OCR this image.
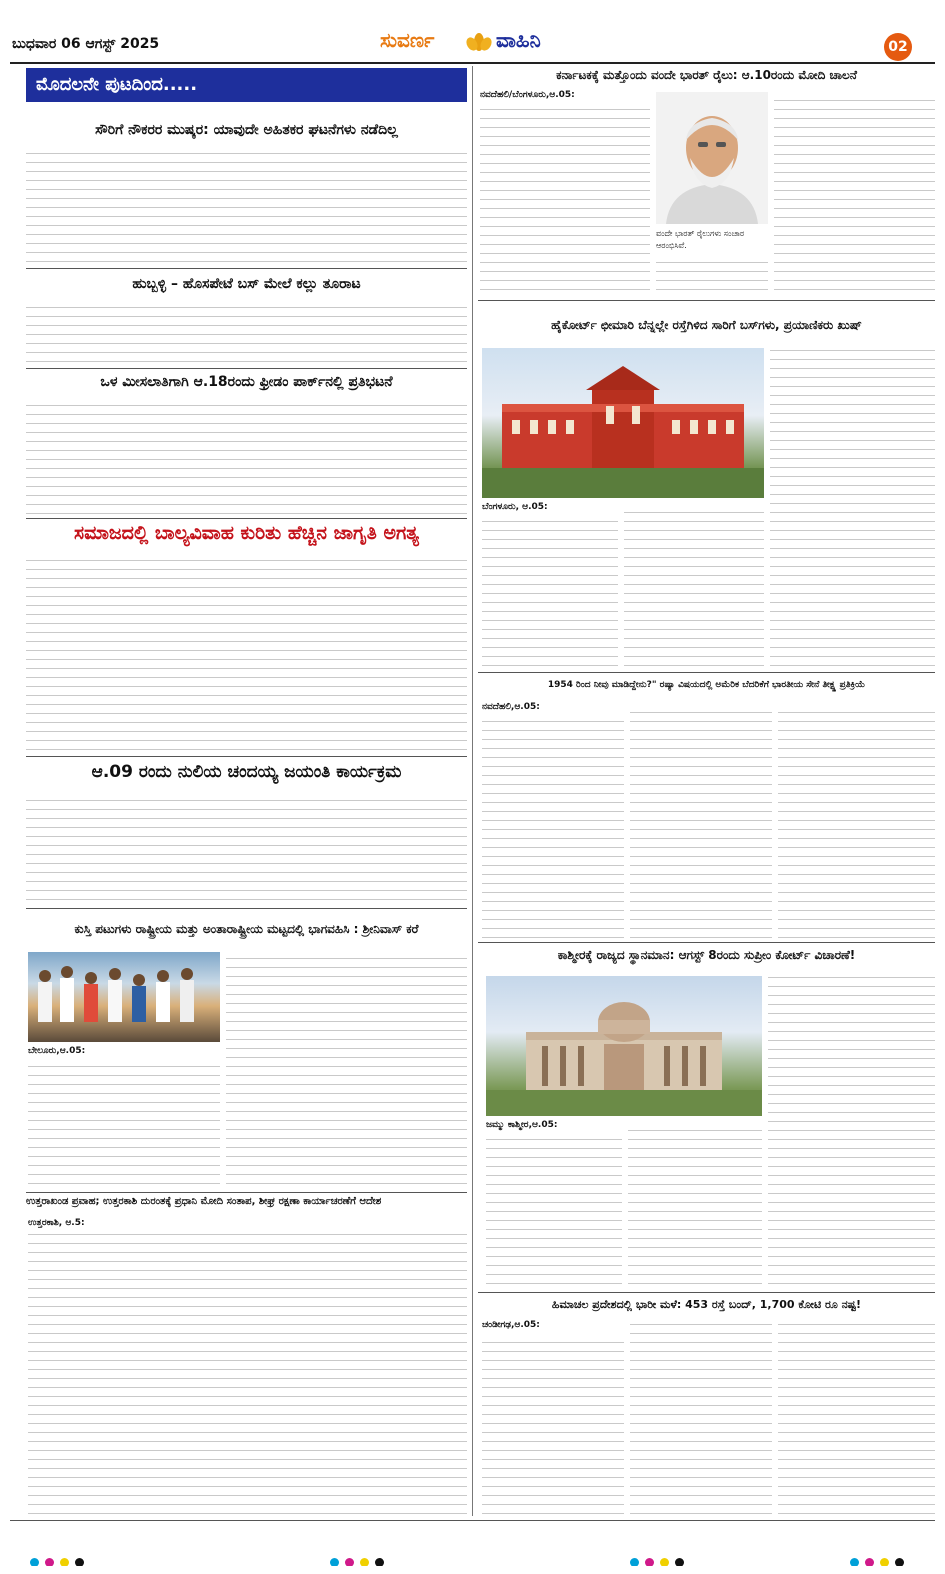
ಬುಧವಾರ 06 ಆಗಸ್ಟ್ 2025	ಸುವರ್ಣ	ವಾಹಿನಿ	02
ಮೊದಲನೇ ಪುಟದಿಂದ.....
ಸೌರಿಗೆ ನೌಕರರ ಮುಷ್ಕರ: ಯಾವುದೇ ಅಹಿತಕರ ಘಟನೆಗಳು ನಡೆದಿಲ್ಲ
ಹುಬ್ಬಳ್ಳಿ – ಹೊಸಪೇಟೆ ಬಸ್ ಮೇಲೆ ಕಲ್ಲು ತೂರಾಟ
ಒಳ ಮೀಸಲಾತಿಗಾಗಿ ಆ.18ರಂದು ಫ್ರೀಡಂ ಪಾರ್ಕ್‌ನಲ್ಲಿ ಪ್ರತಿಭಟನೆ
ಸಮಾಜದಲ್ಲಿ ಬಾಲ್ಯವಿವಾಹ ಕುರಿತು ಹೆಚ್ಚಿನ ಜಾಗೃತಿ ಅಗತ್ಯ
ಆ.09 ರಂದು ನುಲಿಯ ಚಂದಯ್ಯ ಜಯಂತಿ ಕಾರ್ಯಕ್ರಮ
ಕುಸ್ತಿ ಪಟುಗಳು ರಾಷ್ಟ್ರೀಯ ಮತ್ತು ಅಂತಾರಾಷ್ಟ್ರೀಯ ಮಟ್ಟದಲ್ಲಿ ಭಾಗವಹಿಸಿ : ಶ್ರೀನಿವಾಸ್ ಕರೆ
ಬೇಲೂರು,ಆ.05:
ಉತ್ತರಾಖಂಡ ಪ್ರವಾಹ; ಉತ್ತರಕಾಶಿ ದುರಂತಕ್ಕೆ ಪ್ರಧಾನಿ ಮೋದಿ ಸಂತಾಪ, ಶೀಘ್ರ ರಕ್ಷಣಾ ಕಾರ್ಯಾಚರಣೆಗೆ ಆದೇಶ
ಉತ್ತರಕಾಶಿ, ಆ.5:
ಕರ್ನಾಟಕಕ್ಕೆ ಮತ್ತೊಂದು ವಂದೇ ಭಾರತ್ ರೈಲು: ಆ.10ರಂದು ಮೋದಿ ಚಾಲನೆ
ನವದೆಹಲಿ/ಬೆಂಗಳೂರು,ಆ.05:
ವಂದೇ ಭಾರತ್ ರೈಲುಗಳು ಸಂಚಾರ ಆರಂಭಿಸಿವೆ.
ಹೈಕೋರ್ಟ್ ಛೀಮಾರಿ ಬೆನ್ನಲ್ಲೇ ರಸ್ತೆಗಿಳಿದ ಸಾರಿಗೆ ಬಸ್‌ಗಳು, ಪ್ರಯಾಣಿಕರು ಖುಷ್
ಬೆಂಗಳೂರು, ಆ.05:
1954 ರಿಂದ ನೀವು ಮಾಡಿದ್ದೇನು?" ರಷ್ಯಾ ವಿಷಯದಲ್ಲಿ ಅಮೆರಿಕ ಬೆದರಿಕೆಗೆ ಭಾರತೀಯ ಸೇನೆ ತೀಕ್ಷ್ಣ ಪ್ರತಿಕ್ರಿಯೆ
ನವದೆಹಲಿ,ಆ.05:
ಕಾಶ್ಮೀರಕ್ಕೆ ರಾಜ್ಯದ ಸ್ಥಾನಮಾನ: ಆಗಸ್ಟ್ 8ರಂದು ಸುಪ್ರೀಂ ಕೋರ್ಟ್ ವಿಚಾರಣೆ!
ಜಮ್ಮು ಕಾಶ್ಮೀರ,ಆ.05:
ಹಿಮಾಚಲ ಪ್ರದೇಶದಲ್ಲಿ ಭಾರೀ ಮಳೆ: 453 ರಸ್ತೆ ಬಂದ್, 1,700 ಕೋಟಿ ರೂ ನಷ್ಟ!
ಚಂಡೀಗಢ,ಆ.05:
